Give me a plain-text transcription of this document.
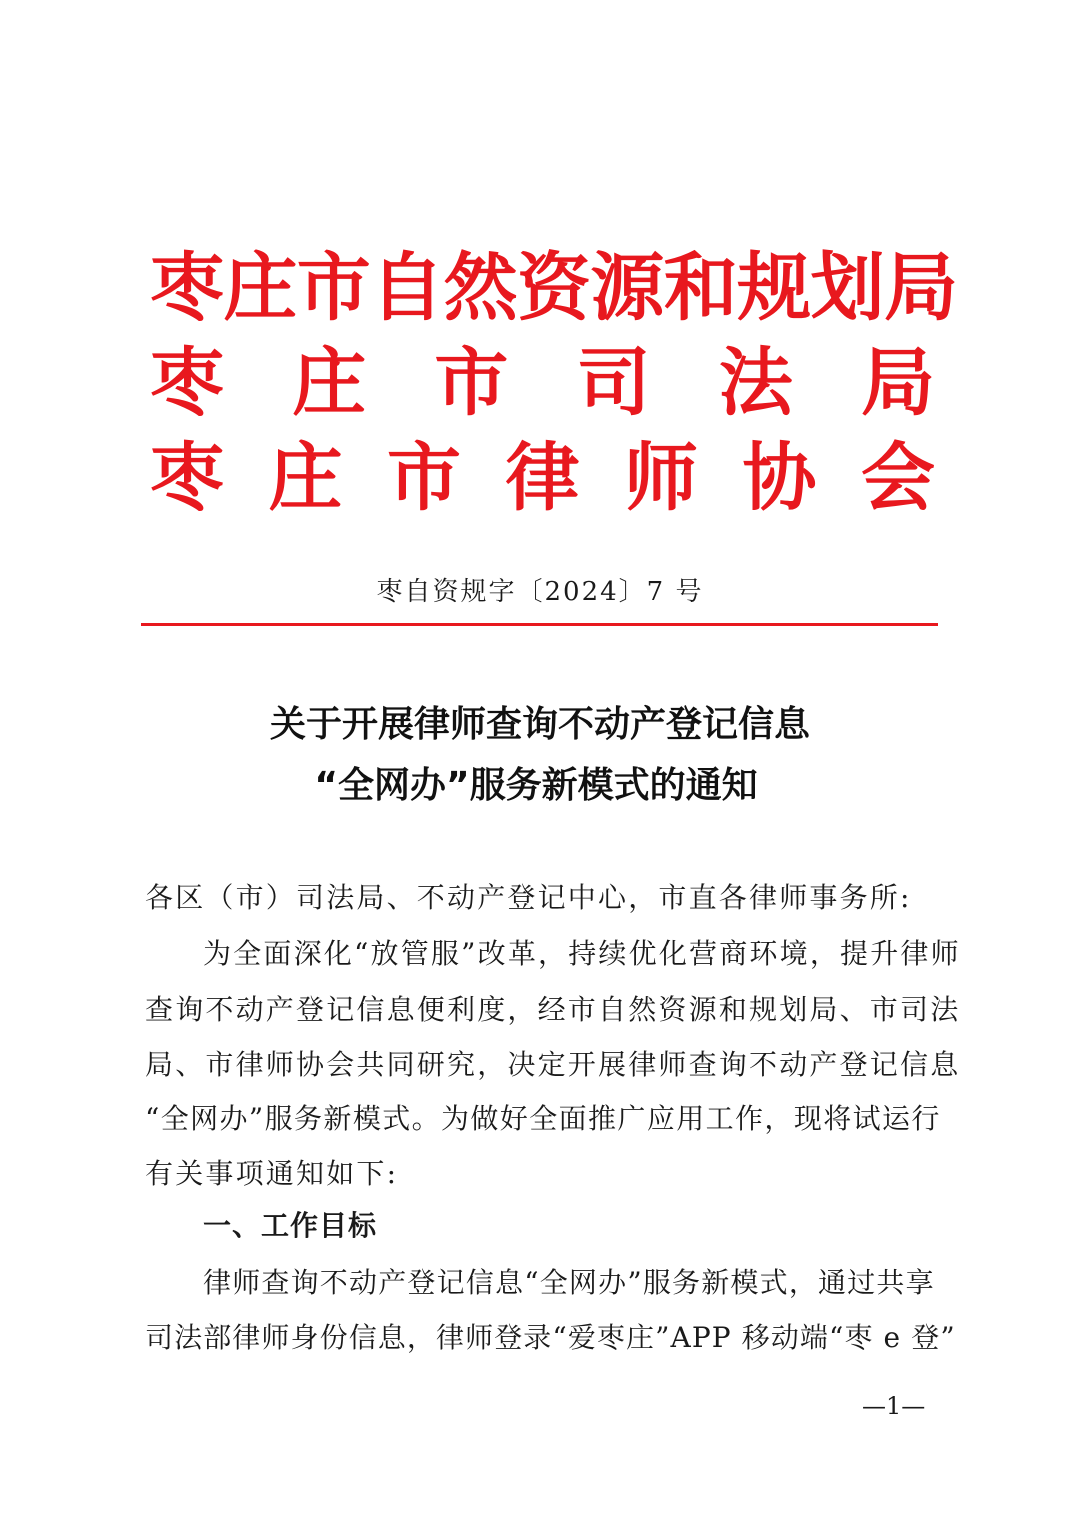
枣庄市自然资源和规划局
枣 庄 市 司 法 局
枣 庄 市 律 师 协 会
枣自资规字〔2024〕7 号
关于开展律师查询不动产登记信息
“全网办”服务新模式的通知
各区（市）司法局、不动产登记中心，市直各律师事务所:
为全面深化“放管服”改革，持续优化营商环境，提升律师
查询不动产登记信息便利度，经市自然资源和规划局、市司法
局、市律师协会共同研究，决定开展律师查询不动产登记信息
“全网办”服务新模式。为做好全面推广应用工作，现将试运行
有关事项通知如下:
一、工作目标
律师查询不动产登记信息“全网办”服务新模式，通过共享
司法部律师身份信息，律师登录“爱枣庄”APP 移动端“枣 e 登”
—1—
